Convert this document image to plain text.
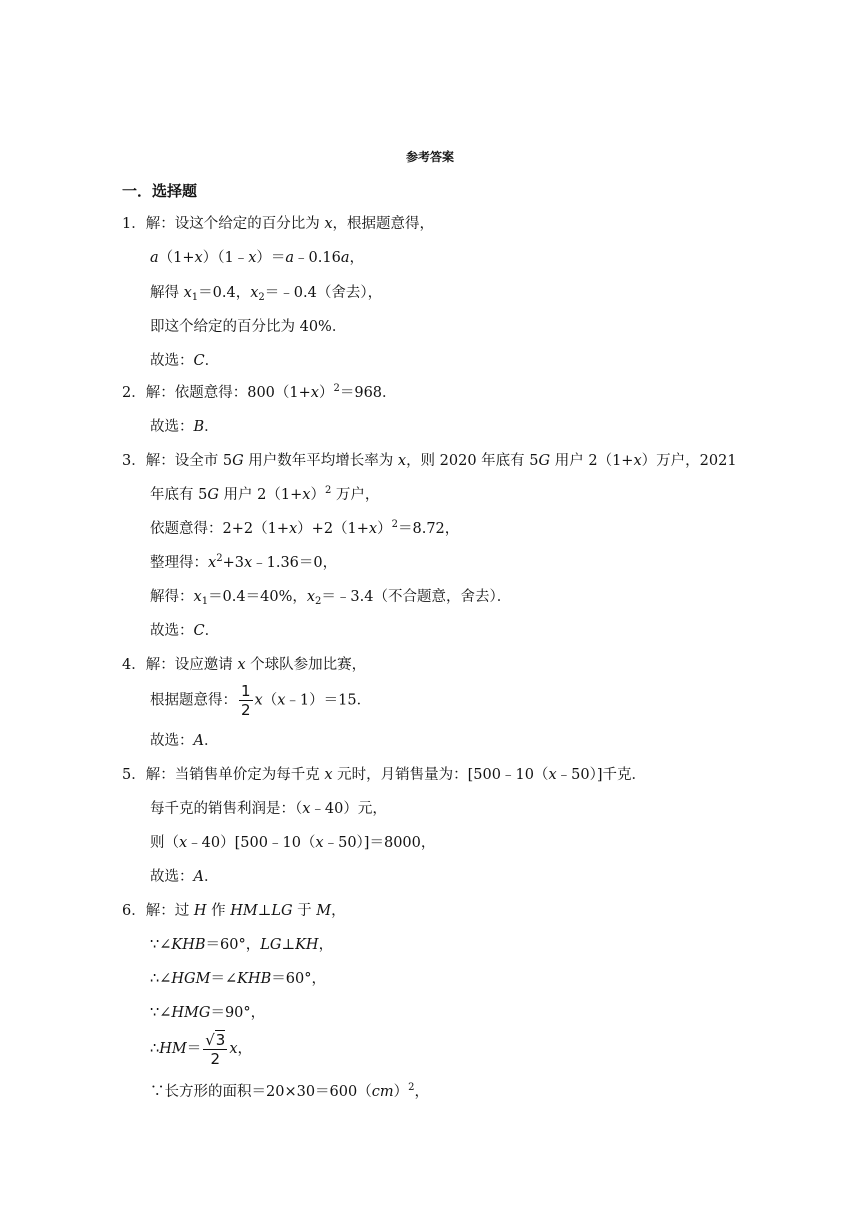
参考答案
一．选择题
1．解：设这个给定的百分比为 x，根据题意得，
a（1+x）（1﹣x）＝a﹣0.16a，
解得 $x_1=0.4$，$x_2=﹣0.4$（舍去），
即这个给定的百分比为 40%．
故选：C．
2．解：依题意得：$800(1+x)^2=968$．
故选：B．
3．解：设全市 5G 用户数年平均增长率为 x，则 2020 年底有 5G 用户 2（1+x）万户，2021
年底有 5G 用户 $2(1+x)^2$ 万户，
依题意得：$2+2(1+x)+2(1+x)^2=8.72$，
整理得：$x^2+3x﹣1.36=0$，
解得：$x_1=0.4=40\%$，$x_2=﹣3.4$（不合题意，舍去）．
故选：C．
4．解：设应邀请 x 个球队参加比赛，
根据题意得： $\frac{1}{2}$ x（x﹣1）＝15．
故选：A．
5．解：当销售单价定为每千克 x 元时，月销售量为：[500﹣10（x﹣50）]千克．
每千克的销售利润是：（x﹣40）元，
则（x﹣40）[500﹣10（x﹣50）]＝8000，
故选：A．
6．解：过 H 作 HM⊥LG 于 M，
∵∠KHB＝60°，LG⊥KH，
∴∠HGM＝∠KHB＝60°，
∵∠HMG＝90°，
∴HM＝ $\frac{√3}{2}$ x，
∵长方形的面积＝20×30＝600（cm）$^2$，
